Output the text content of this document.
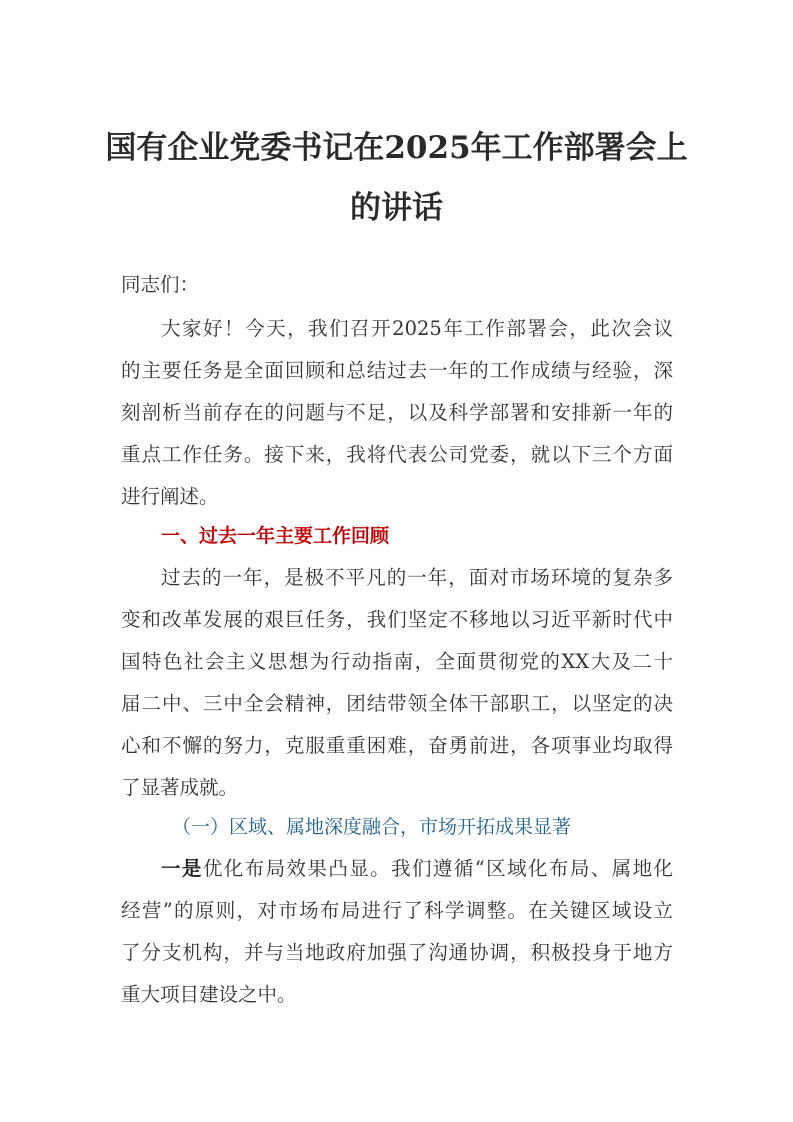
国有企业党委书记在2025年工作部署会上
的讲话
同志们：
大家好！今天，我们召开2025年工作部署会，此次会议
的主要任务是全面回顾和总结过去一年的工作成绩与经验，深
刻剖析当前存在的问题与不足，以及科学部署和安排新一年的
重点工作任务。接下来，我将代表公司党委，就以下三个方面
进行阐述。
一、过去一年主要工作回顾
过去的一年，是极不平凡的一年，面对市场环境的复杂多
变和改革发展的艰巨任务，我们坚定不移地以习近平新时代中
国特色社会主义思想为行动指南，全面贯彻党的XX大及二十
届二中、三中全会精神，团结带领全体干部职工，以坚定的决
心和不懈的努力，克服重重困难，奋勇前进，各项事业均取得
了显著成就。
（一）区域、属地深度融合，市场开拓成果显著
一是优化布局效果凸显。我们遵循“区域化布局、属地化
经营”的原则，对市场布局进行了科学调整。在关键区域设立
了分支机构，并与当地政府加强了沟通协调，积极投身于地方
重大项目建设之中。
